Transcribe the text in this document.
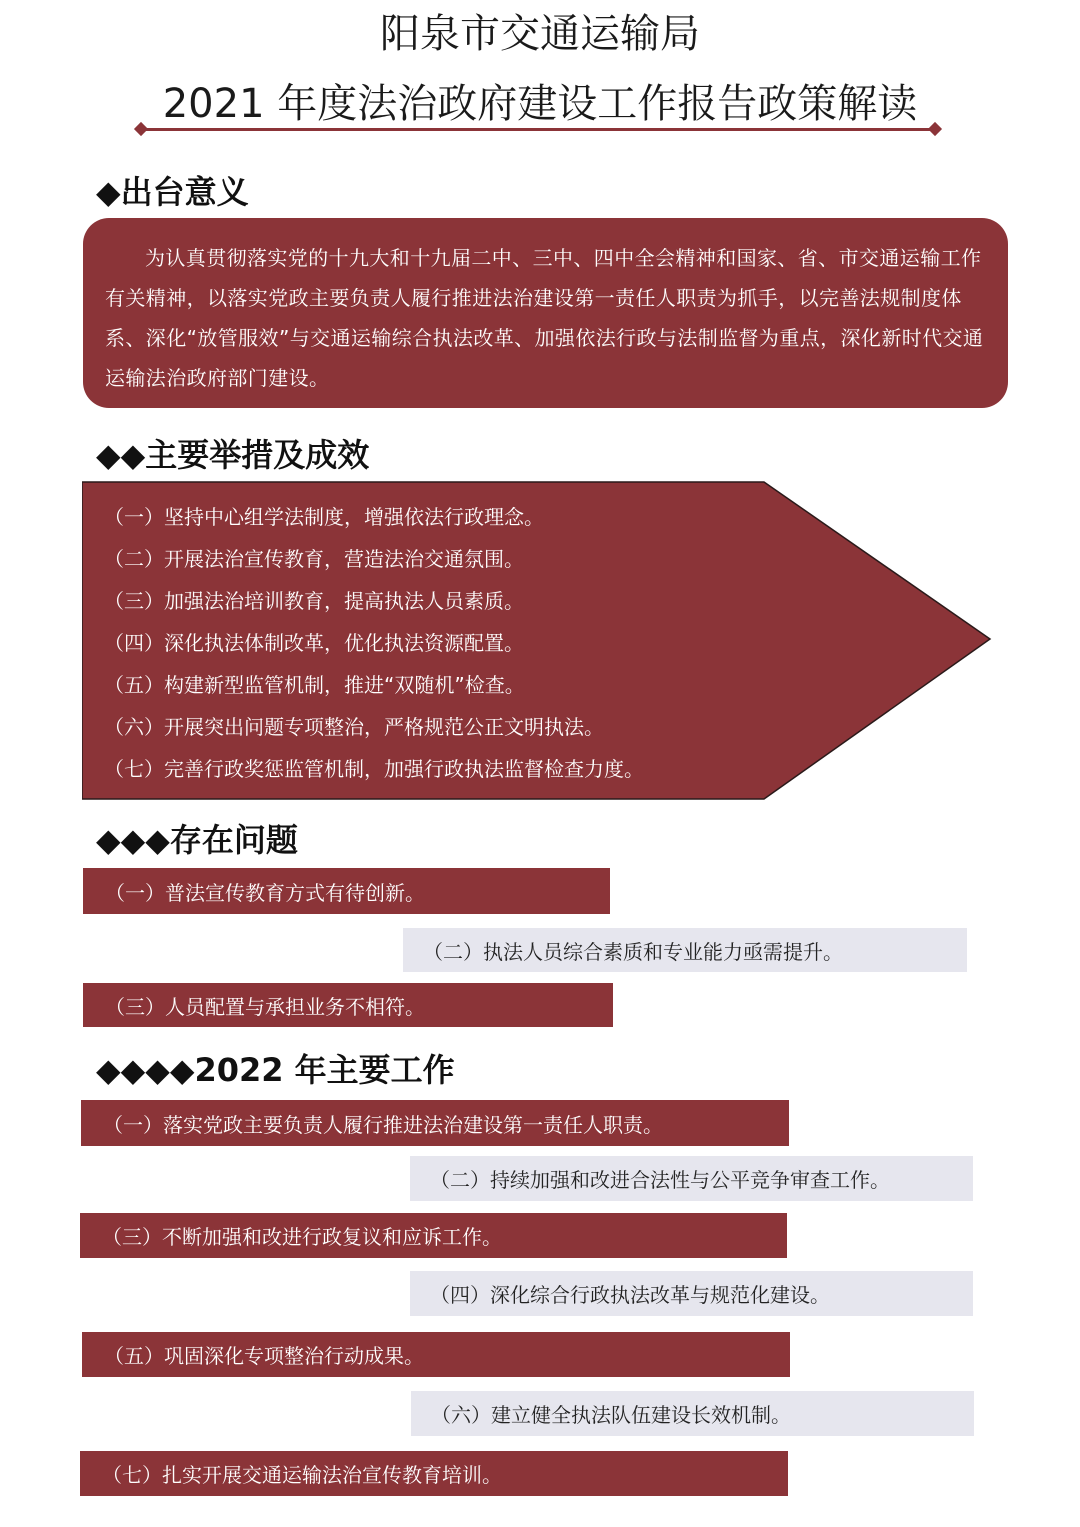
阳泉市交通运输局
2021 年度法治政府建设工作报告政策解读
◆出台意义
为认真贯彻落实党的十九大和十九届二中、三中、四中全会精神和国家、省、市交通运输工作有关精神，以落实党政主要负责人履行推进法治建设第一责任人职责为抓手，以完善法规制度体系、深化“放管服效”与交通运输综合执法改革、加强依法行政与法制监督为重点，深化新时代交通运输法治政府部门建设。
◆◆主要举措及成效
（一）坚持中心组学法制度，增强依法行政理念。
（二）开展法治宣传教育，营造法治交通氛围。
（三）加强法治培训教育，提高执法人员素质。
（四）深化执法体制改革，优化执法资源配置。
（五）构建新型监管机制，推进“双随机”检查。
（六）开展突出问题专项整治，严格规范公正文明执法。
（七）完善行政奖惩监管机制，加强行政执法监督检查力度。
◆◆◆存在问题
（一）普法宣传教育方式有待创新。
（二）执法人员综合素质和专业能力亟需提升。
（三）人员配置与承担业务不相符。
◆◆◆◆2022 年主要工作
（一）落实党政主要负责人履行推进法治建设第一责任人职责。
（二）持续加强和改进合法性与公平竞争审查工作。
（三）不断加强和改进行政复议和应诉工作。
（四）深化综合行政执法改革与规范化建设。
（五）巩固深化专项整治行动成果。
（六）建立健全执法队伍建设长效机制。
（七）扎实开展交通运输法治宣传教育培训。
